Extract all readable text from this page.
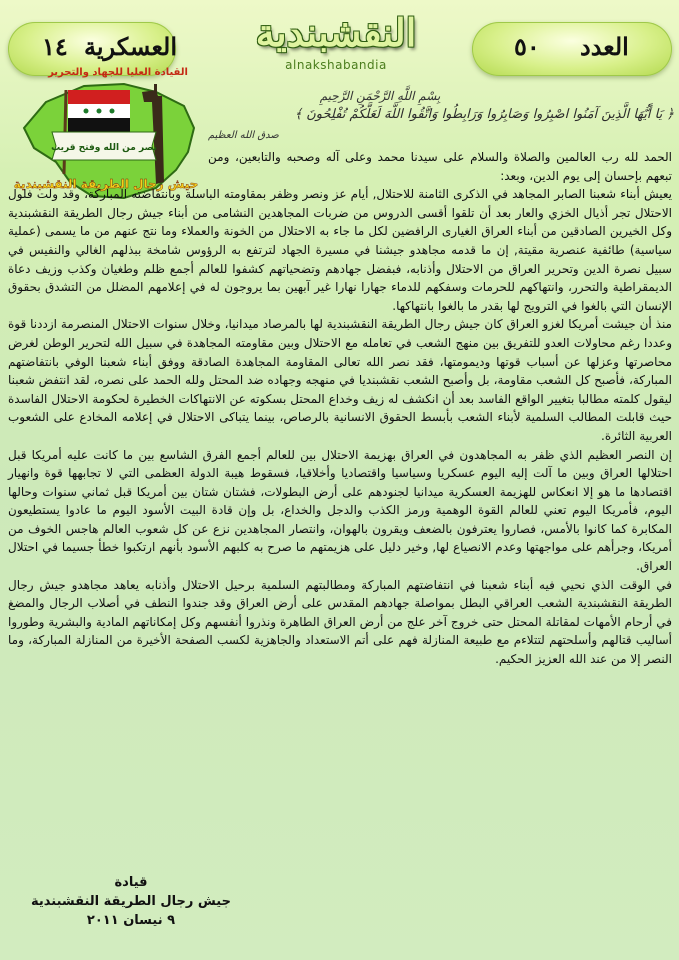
العسكرية
١٤	النقشبندية
alnakshabandia
العدد
٥٠
القيادة العليا للجهاد والتحرير
نصر من الله وفتح قريب
جيش رجال الطريقة النقشبندية
بِسْمِ اللَّهِ الرَّحْمَنِ الرَّحِيمِ
﴿ يَا أَيُّهَا الَّذِينَ آمَنُوا اصْبِرُوا وَصَابِرُوا وَرَابِطُوا وَاتَّقُوا اللَّهَ لَعَلَّكُمْ تُفْلِحُونَ ﴾
صدق الله العظيم

الحمد لله رب العالمين والصلاة والسلام على سيدنا محمد وعلى آله وصحبه والتابعين، ومن تبعهم بإحسان إلى يوم الدين، وبعد:

يعيش أبناء شعبنا الصابر المجاهد في الذكرى الثامنة للاحتلال, أيام عز ونصر وظفر بمقاومته الباسلة وبانتفاضته المباركة، وقد ولت فلول الاحتلال تجر أذيال الخزي والعار بعد أن تلقوا أقسى الدروس من ضربات المجاهدين النشامى من أبناء جيش رجال الطريقة النقشبندية وكل الخيرين الصادقين من أبناء العراق الغيارى الرافضين لكل ما جاء به الاحتلال من الخونة والعملاء وما نتج عنهم من ما يسمى (عملية سياسية) طائفية عنصرية مقيتة, إن ما قدمه مجاهدو جيشنا في مسيرة الجهاد لترتفع به الرؤوس شامخة ببذلهم الغالي والنفيس في سبيل نصرة الدين وتحرير العراق من الاحتلال وأذنابه، فبفضل جهادهم وتضحياتهم كشفوا للعالم أجمع ظلم وطغيان وكذب وزيف دعاة الديمقراطية والتحرر، وانتهاكهم للحرمات وسفكهم للدماء جهارا نهارا غير آبهين بما يروجون له في إعلامهم المضلل من التشدق بحقوق الإنسان التي بالغوا في الترويج لها بقدر ما بالغوا بانتهاكها.

منذ أن جيشت أمريكا لغزو العراق كان جيش رجال الطريقة النقشبندية لها بالمرصاد ميدانيا، وخلال سنوات الاحتلال المنصرمة ازددنا قوة وعددا رغم محاولات العدو للتفريق بين منهج الشعب في تعامله مع الاحتلال وبين مقاومته المجاهدة في سبيل الله لتحرير الوطن لغرض محاصرتها وعزلها عن أسباب قوتها وديمومتها، فقد نصر الله تعالى المقاومة المجاهدة الصادقة ووفق أبناء شعبنا الوفي بانتفاضتهم المباركة، فأصبح كل الشعب مقاومة، بل وأصبح الشعب نقشبنديا في منهجه وجهاده ضد المحتل ولله الحمد على نصره، لقد انتفض شعبنا ليقول كلمته مطالبا بتغيير الواقع الفاسد بعد أن انكشف له زيف وخداع المحتل بسكوته عن الانتهاكات الخطيرة لحكومة الاحتلال الفاسدة حيث قابلت المطالب السلمية لأبناء الشعب بأبسط الحقوق الانسانية بالرصاص، بينما يتباكى الاحتلال في إعلامه المخادع على الشعوب العربية الثائرة.

إن النصر العظيم الذي ظفر به المجاهدون في العراق بهزيمة الاحتلال بين للعالم أجمع الفرق الشاسع بين ما كانت عليه أمريكا قبل احتلالها العراق وبين ما آلت إليه اليوم عسكريا وسياسيا واقتصاديا وأخلاقيا، فسقوط هيبة الدولة العظمى التي لا تجابهها قوة وانهيار اقتصادها ما هو إلا انعكاس للهزيمة العسكرية ميدانيا لجنودهم على أرض البطولات، فشتان شتان بين أمريكا قبل ثماني سنوات وحالها اليوم، فأمريكا اليوم تعني للعالم القوة الوهمية ورمز الكذب والدجل والخداع، بل وإن قادة البيت الأسود اليوم ما عادوا يستطيعون المكابرة كما كانوا بالأمس، فصاروا يعترفون بالضعف ويقرون بالهوان، وانتصار المجاهدين نزع عن كل شعوب العالم هاجس الخوف من أمريكا، وجرأهم على مواجهتها وعدم الانصياع لها, وخير دليل على هزيمتهم ما صرح به كلبهم الأسود بأنهم ارتكبوا خطأ جسيما في احتلال العراق.

في الوقت الذي نحيي فيه أبناء شعبنا في انتفاضتهم المباركة ومطالبتهم السلمية برحيل الاحتلال وأذنابه يعاهد مجاهدو جيش رجال الطريقة النقشبندية الشعب العراقي البطل بمواصلة جهادهم المقدس على أرض العراق وقد جندوا النطف في أصلاب الرجال والمضغ في أرحام الأمهات لمقاتلة المحتل حتى خروج آخر علج من أرض العراق الطاهرة ونذروا أنفسهم وكل إمكاناتهم المادية والبشرية وطوروا أساليب قتالهم وأسلحتهم لتتلاءم مع طبيعة المنازلة فهم على أتم الاستعداد والجاهزية لكسب الصفحة الأخيرة من المنازلة المباركة، وما النصر إلا من عند الله العزيز الحكيم.

قيادة
جيش رجال الطريقة النقشبندية
٩ نيسان ٢٠١١
